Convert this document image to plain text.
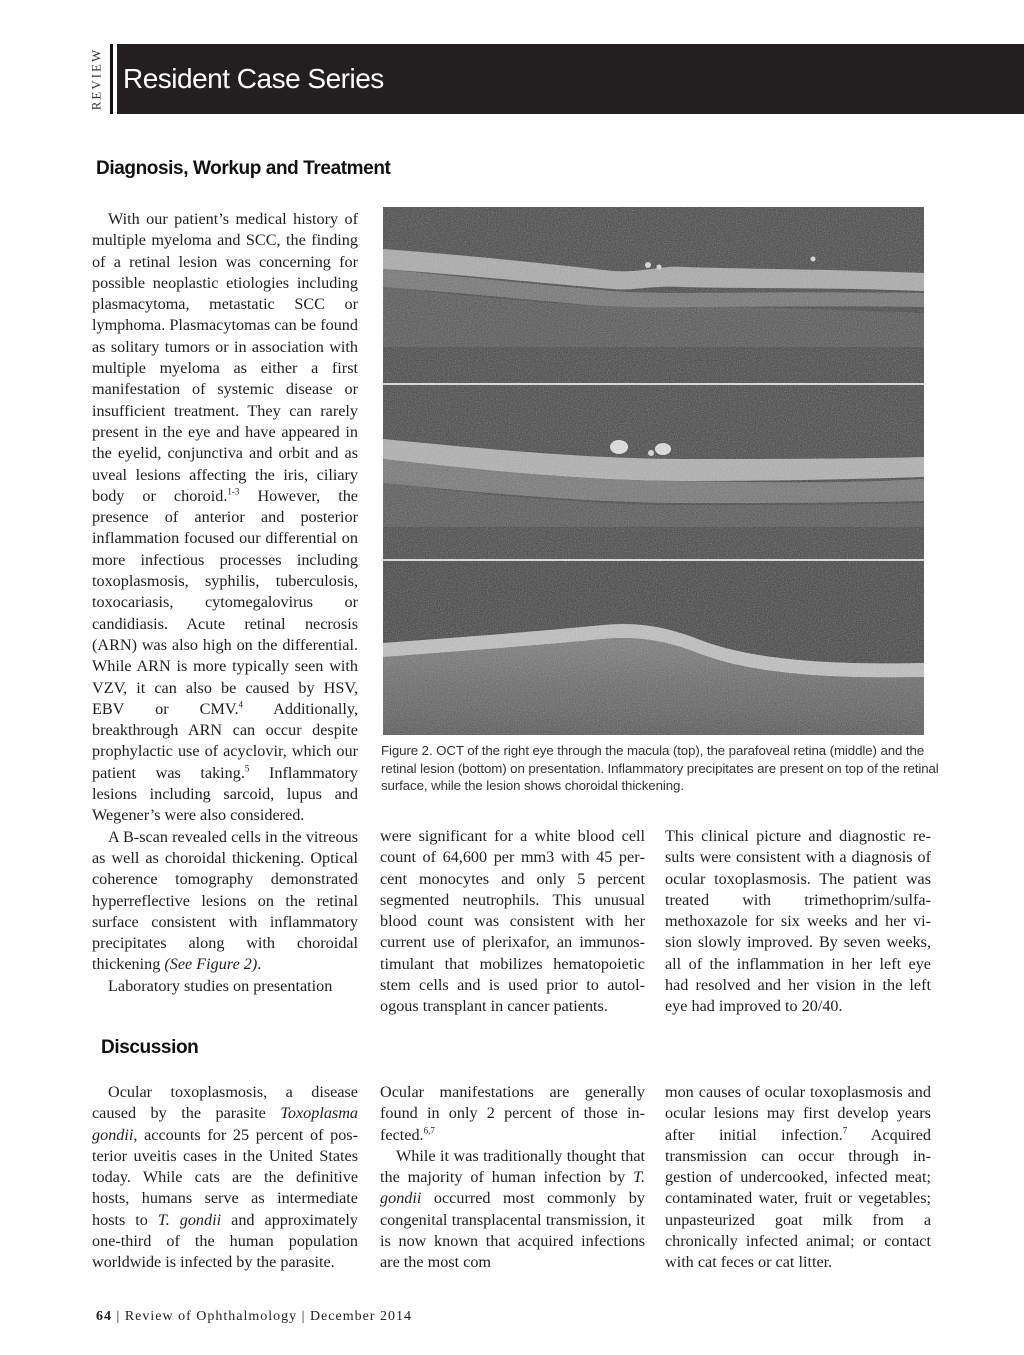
REVIEW Resident Case Series
Diagnosis, Workup and Treatment

With our patient’s medical history of multiple myeloma and SCC, the finding of a retinal lesion was concerning for possible neoplastic etiologies including plasmacytoma, metastatic SCC or lymphoma. Plasmacytomas can be found as solitary tumors or in association with multiple myeloma as either a first manifestation of systemic disease or insufficient treatment. They can rarely present in the eye and have appeared in the eyelid, conjunctiva and orbit and as uveal lesions affecting the iris, ciliary body or choroid.$^{1-3}$ However, the presence of anterior and posterior inflammation focused our differential on more infectious processes including toxoplasmosis, syphilis, tuberculosis, toxocariasis, cytomegalovirus or candidiasis. Acute retinal necrosis (ARN) was also high on the differential. While ARN is more typically seen with VZV, it can also be caused by HSV, EBV or CMV.$^4$ Additionally, breakthrough ARN can occur despite prophylactic use of acyclovir, which our patient was taking.$^5$ Inflammatory lesions including sarcoid, lupus and Wegener’s were also considered.

A B-scan revealed cells in the vitreous as well as choroidal thickening. Optical coherence tomography demonstrated hyperreflective lesions on the retinal surface consistent with inflammatory precipitates along with choroidal thickening (See Figure 2).

Laboratory studies on presentation

Figure 2. OCT of the right eye through the macula (top), the parafoveal retina (middle) and the retinal lesion (bottom) on presentation. Inflammatory precipitates are present on top of the retinal surface, while the lesion shows choroidal thickening.

were significant for a white blood cell count of 64,600 per mm3 with 45 percent monocytes and only 5 percent segmented neutrophils. This unusual blood count was consistent with her current use of plerixafor, an immunostimulant that mobilizes hematopoietic stem cells and is used prior to autologous transplant in cancer patients.

This clinical picture and diagnostic results were consistent with a diagnosis of ocular toxoplasmosis. The patient was treated with trimethoprim/sulfamethoxazole for six weeks and her vision slowly improved. By seven weeks, all of the inflammation in her left eye had resolved and her vision in the left eye had improved to 20/40.

Discussion

Ocular toxoplasmosis, a disease caused by the parasite Toxoplasma gondii, accounts for 25 percent of posterior uveitis cases in the United States today. While cats are the definitive hosts, humans serve as intermediate hosts to T. gondii and approximately one-third of the human population worldwide is infected by the parasite.

Ocular manifestations are generally found in only 2 percent of those infected.$^{6,7}$

While it was traditionally thought that the majority of human infection by T. gondii occurred most commonly by congenital transplacental transmission, it is now known that acquired infections are the most com

mon causes of ocular toxoplasmosis and ocular lesions may first develop years after initial infection.$^7$ Acquired transmission can occur through ingestion of undercooked, infected meat; contaminated water, fruit or vegetables; unpasteurized goat milk from a chronically infected animal; or contact with cat feces or cat litter.

64 | Review of Ophthalmology | December 2014
